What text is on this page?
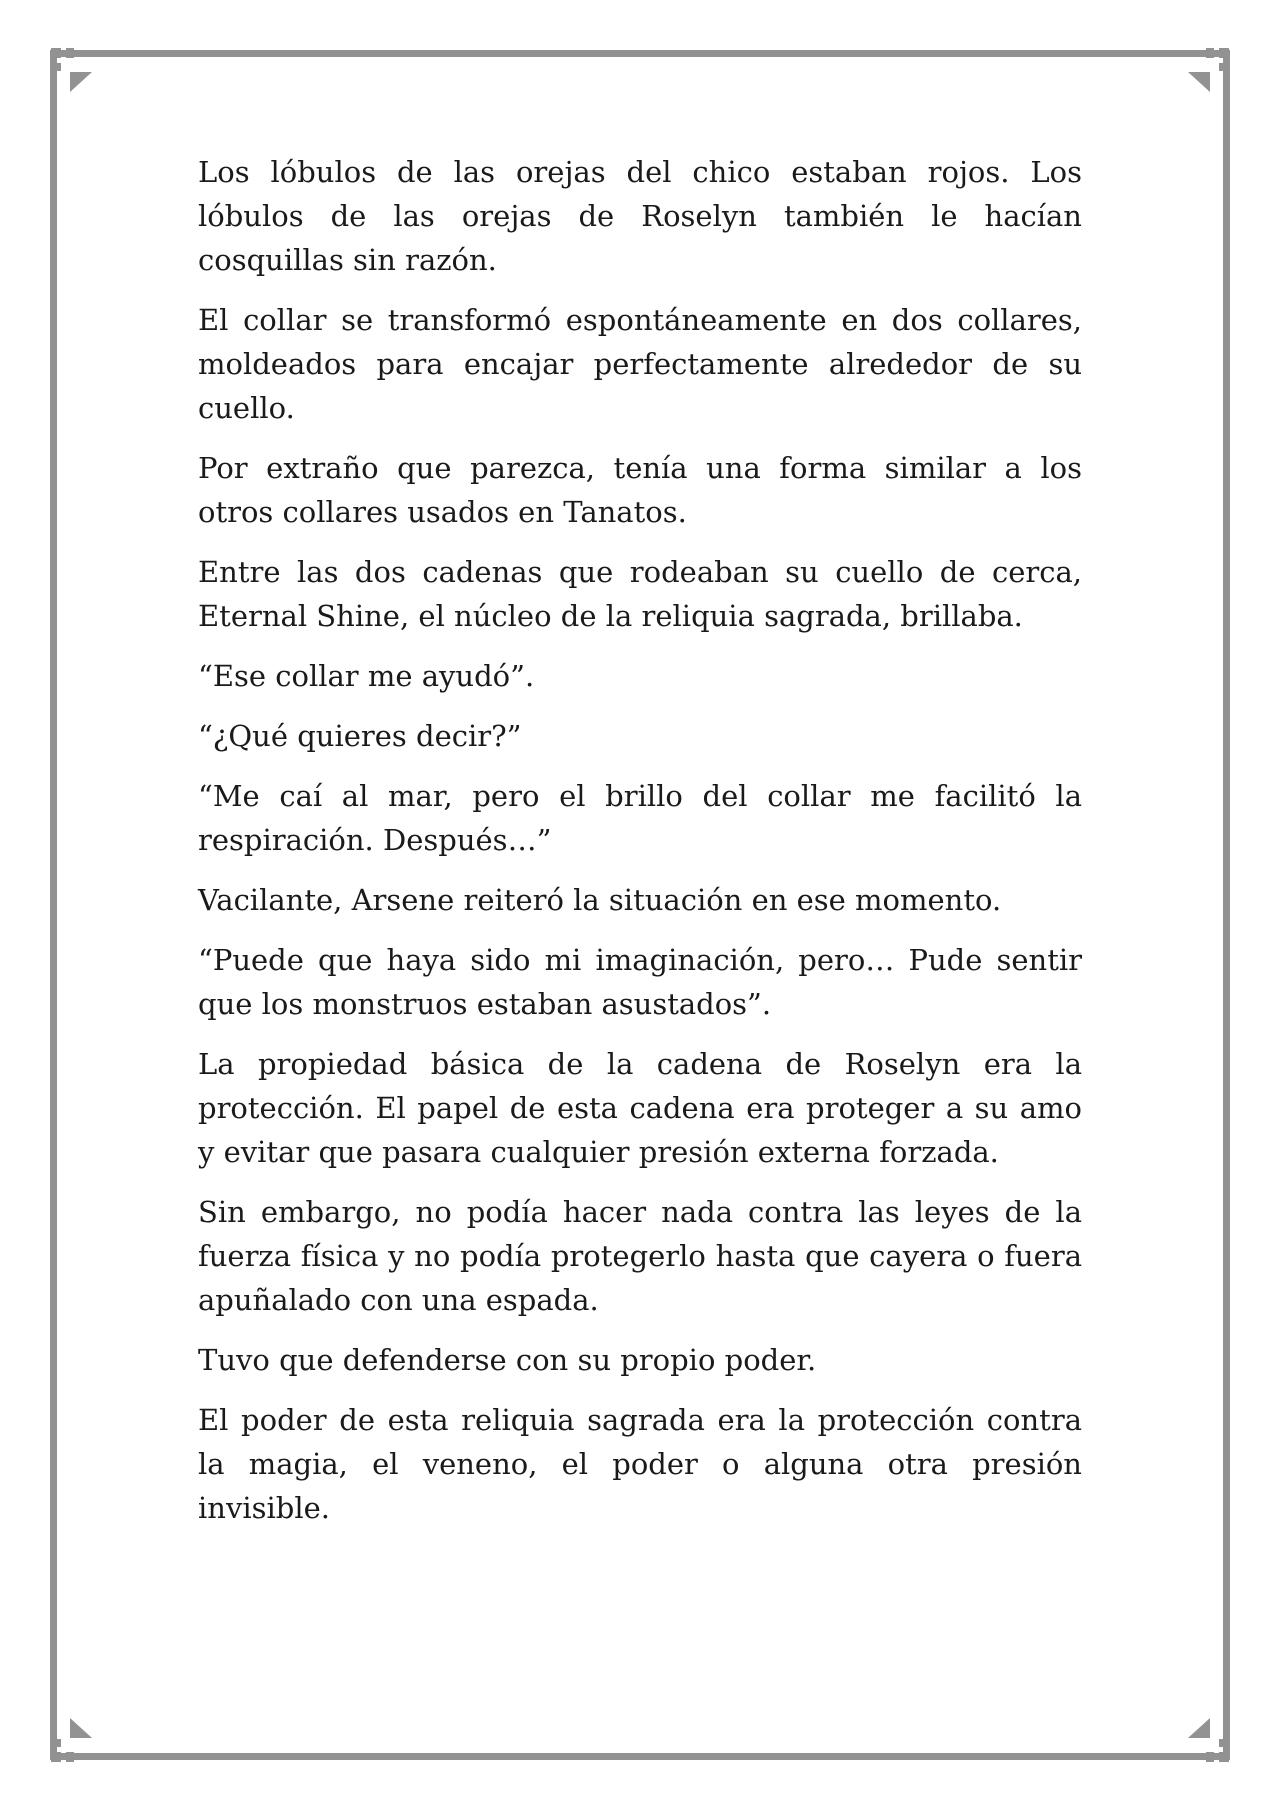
Los lóbulos de las orejas del chico estaban rojos. Los lóbulos de las orejas de Roselyn también le hacían cosquillas sin razón.

El collar se transformó espontáneamente en dos collares, moldeados para encajar perfectamente alrededor de su cuello.

Por extraño que parezca, tenía una forma similar a los otros collares usados en Tanatos.

Entre las dos cadenas que rodeaban su cuello de cerca, Eternal Shine, el núcleo de la reliquia sagrada, brillaba.

“Ese collar me ayudó”.

“¿Qué quieres decir?”

“Me caí al mar, pero el brillo del collar me facilitó la respiración. Después…”

Vacilante, Arsene reiteró la situación en ese momento.

“Puede que haya sido mi imaginación, pero… Pude sentir que los monstruos estaban asustados”.

La propiedad básica de la cadena de Roselyn era la protección. El papel de esta cadena era proteger a su amo y evitar que pasara cualquier presión externa forzada.

Sin embargo, no podía hacer nada contra las leyes de la fuerza física y no podía protegerlo hasta que cayera o fuera apuñalado con una espada.

Tuvo que defenderse con su propio poder.

El poder de esta reliquia sagrada era la protección contra la magia, el veneno, el poder o alguna otra presión invisible.
